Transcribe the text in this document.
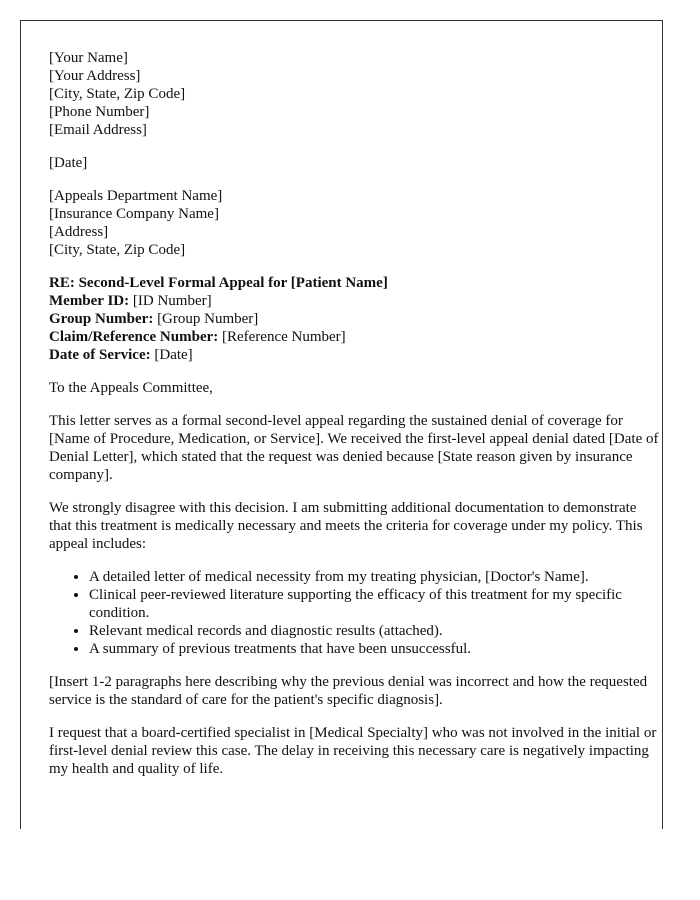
[Your Name]
[Your Address]
[City, State, Zip Code]
[Phone Number]
[Email Address]

[Date]

[Appeals Department Name]
[Insurance Company Name]
[Address]
[City, State, Zip Code]

RE: Second-Level Formal Appeal for [Patient Name]
Member ID: [ID Number]
Group Number: [Group Number]
Claim/Reference Number: [Reference Number]
Date of Service: [Date]

To the Appeals Committee,

This letter serves as a formal second-level appeal regarding the sustained denial of coverage for [Name of Procedure, Medication, or Service]. We received the first-level appeal denial dated [Date of Denial Letter], which stated that the request was denied because [State reason given by insurance company].

We strongly disagree with this decision. I am submitting additional documentation to demonstrate that this treatment is medically necessary and meets the criteria for coverage under my policy. This appeal includes:

• A detailed letter of medical necessity from my treating physician, [Doctor's Name].
• Clinical peer-reviewed literature supporting the efficacy of this treatment for my specific condition.
• Relevant medical records and diagnostic results (attached).
• A summary of previous treatments that have been unsuccessful.

[Insert 1-2 paragraphs here describing why the previous denial was incorrect and how the requested service is the standard of care for the patient's specific diagnosis].

I request that a board-certified specialist in [Medical Specialty] who was not involved in the initial or first-level denial review this case. The delay in receiving this necessary care is negatively impacting my health and quality of life.
